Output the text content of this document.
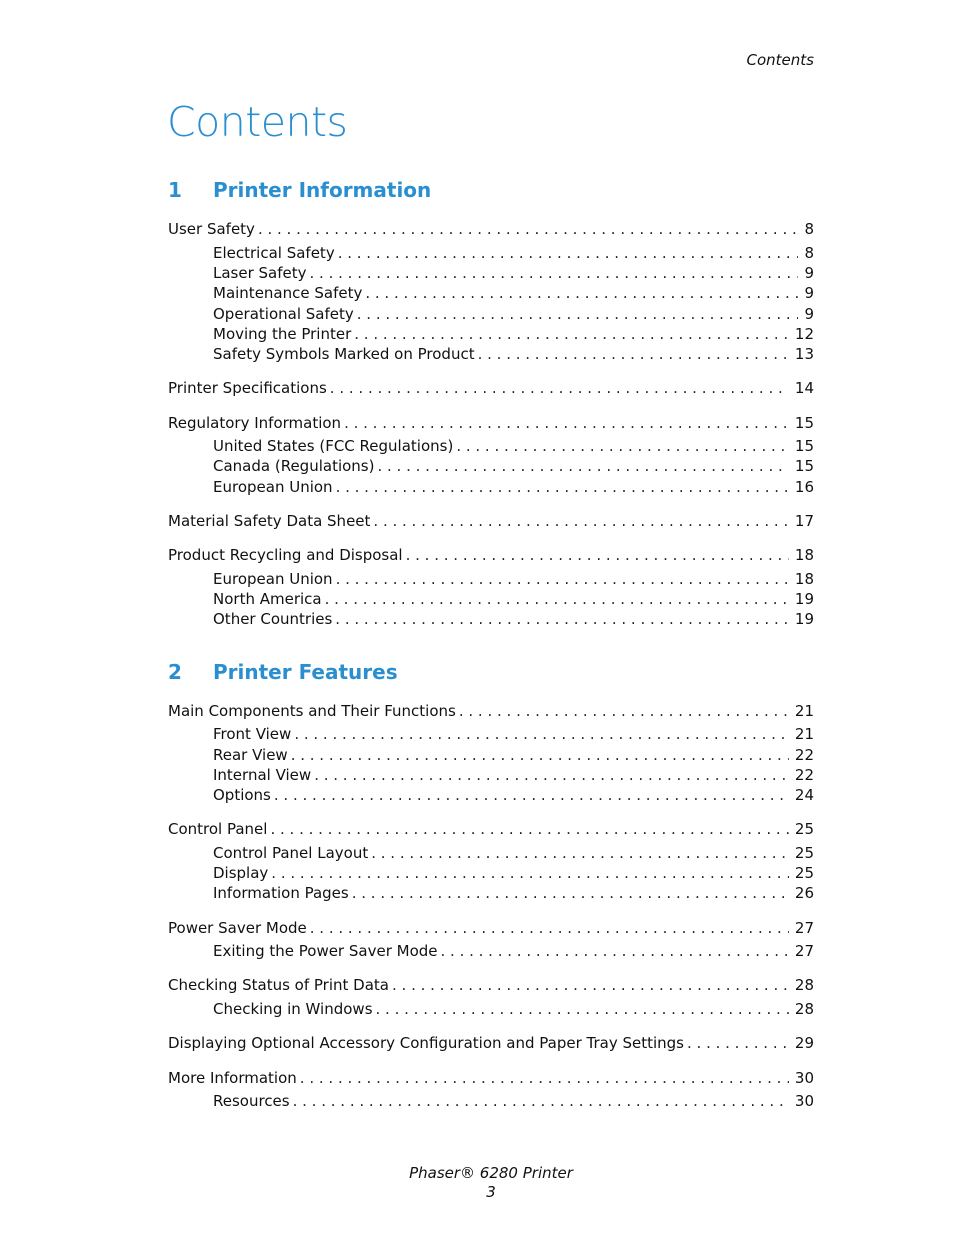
Contents
Contents
1	Printer Information
User Safety . . .	8
Electrical Safety . . .	8
Laser Safety . . .	9
Maintenance Safety . . .	9
Operational Safety . . .	9
Moving the Printer . . .	12
Safety Symbols Marked on Product . . .	13
Printer Specifications . . .	14
Regulatory Information . . .	15
United States (FCC Regulations) . . .	15
Canada (Regulations) . . .	15
European Union . . .	16
Material Safety Data Sheet . . .	17
Product Recycling and Disposal . . .	18
European Union . . .	18
North America . . .	19
Other Countries . . .	19
2	Printer Features
Main Components and Their Functions . . .	21
Front View . . .	21
Rear View . . .	22
Internal View . . .	22
Options . . .	24
Control Panel . . .	25
Control Panel Layout . . .	25
Display . . .	25
Information Pages . . .	26
Power Saver Mode . . .	27
Exiting the Power Saver Mode . . .	27
Checking Status of Print Data . . .	28
Checking in Windows . . .	28
Displaying Optional Accessory Configuration and Paper Tray Settings . . .	29
More Information . . .	30
Resources . . .	30
Phaser® 6280 Printer
3
